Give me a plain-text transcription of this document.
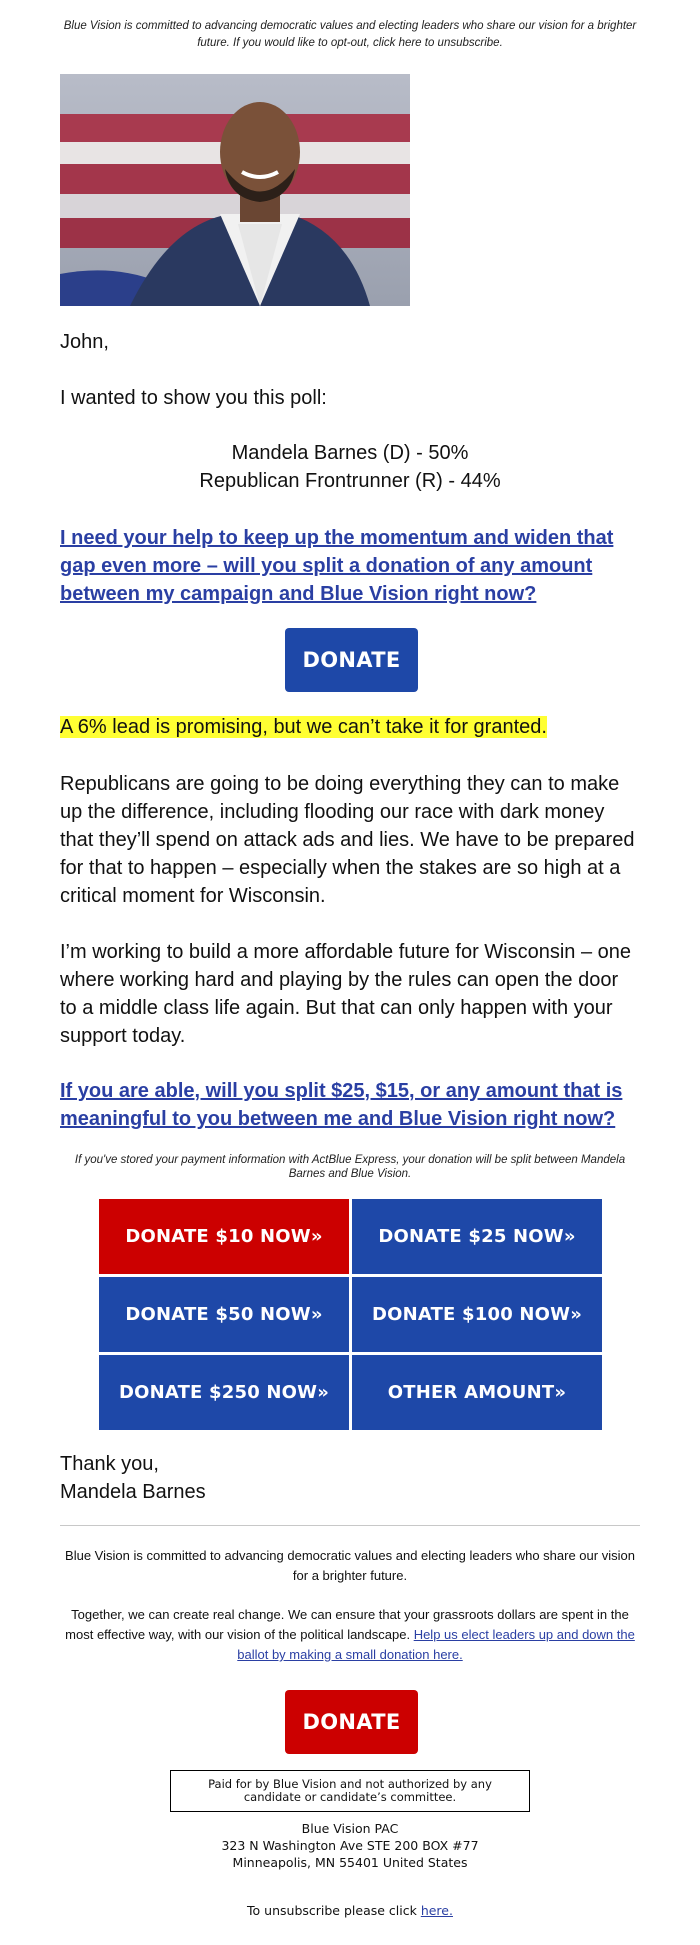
Blue Vision is committed to advancing democratic values and electing leaders who share our vision for a brighter future. If you would like to opt-out, click here to unsubscribe.
John,
I wanted to show you this poll:
Mandela Barnes (D) - 50%
Republican Frontrunner (R) - 44%
I need your help to keep up the momentum and widen that gap even more – will you split a donation of any amount between my campaign and Blue Vision right now?
DONATE
A 6% lead is promising, but we can’t take it for granted.
Republicans are going to be doing everything they can to make up the difference, including flooding our race with dark money that they’ll spend on attack ads and lies. We have to be prepared for that to happen – especially when the stakes are so high at a critical moment for Wisconsin.
I’m working to build a more affordable future for Wisconsin – one where working hard and playing by the rules can open the door to a middle class life again. But that can only happen with your support today.
If you are able, will you split $25, $15, or any amount that is meaningful to you between me and Blue Vision right now?
If you've stored your payment information with ActBlue Express, your donation will be split between Mandela Barnes and Blue Vision.
DONATE $10 NOW»	DONATE $25 NOW»
DONATE $50 NOW»	DONATE $100 NOW»
DONATE $250 NOW»	OTHER AMOUNT»
Thank you,
Mandela Barnes
Blue Vision is committed to advancing democratic values and electing leaders who share our vision for a brighter future.
Together, we can create real change. We can ensure that your grassroots dollars are spent in the most effective way, with our vision of the political landscape. Help us elect leaders up and down the ballot by making a small donation here.
DONATE
Paid for by Blue Vision and not authorized by any candidate or candidate’s committee.
Blue Vision PAC
323 N Washington Ave STE 200 BOX #77
Minneapolis, MN 55401 United States
To unsubscribe please click here.
